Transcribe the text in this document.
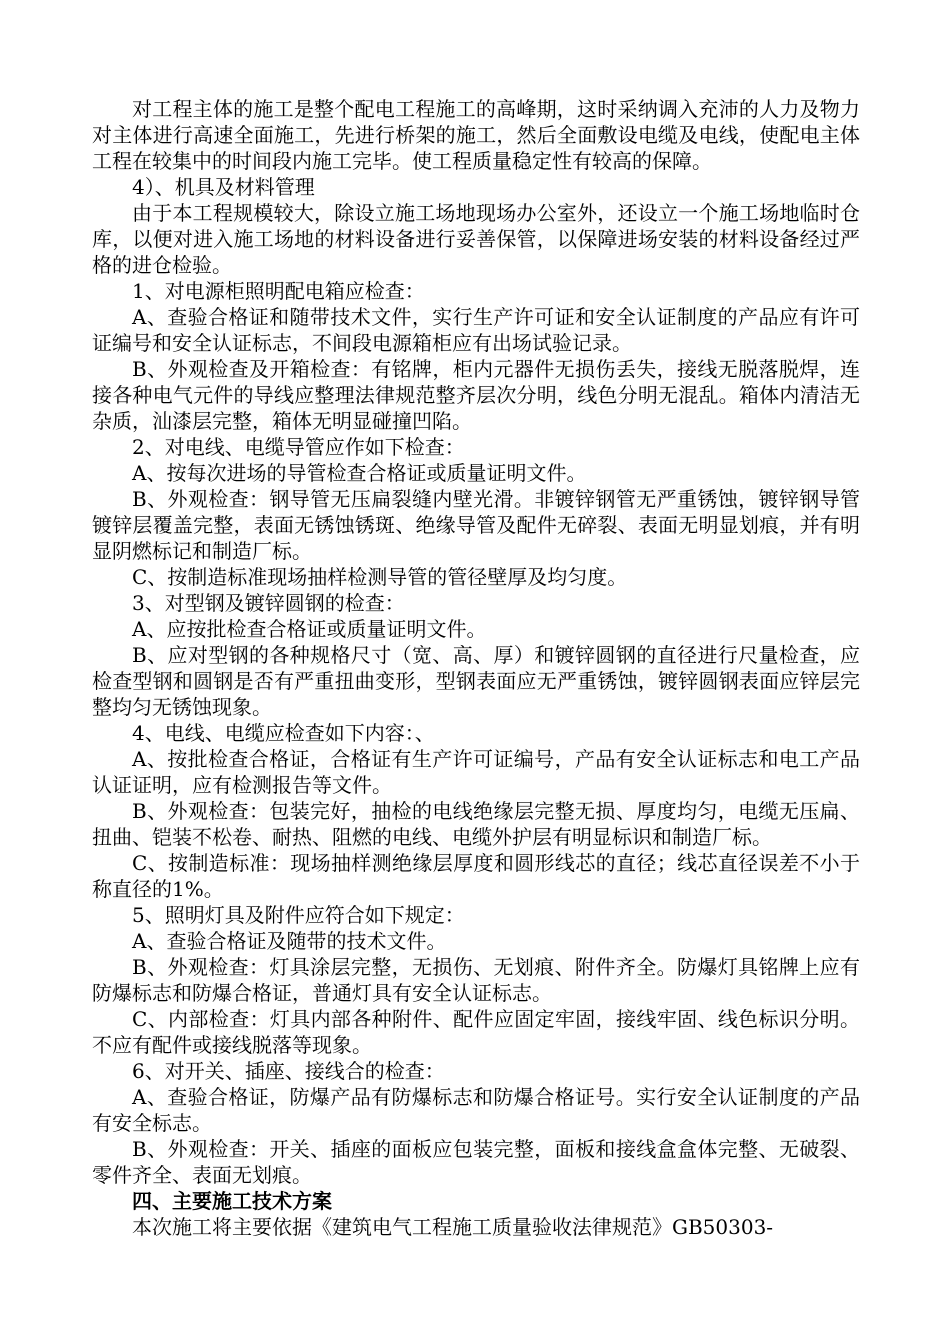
对工程主体的施工是整个配电工程施工的高峰期，这时采纳调入充沛的人力及物力对主体进行高速全面施工，先进行桥架的施工，然后全面敷设电缆及电线，使配电主体工程在较集中的时间段内施工完毕。使工程质量稳定性有较高的保障。

4）、机具及材料管理

由于本工程规模较大，除设立施工场地现场办公室外，还设立一个施工场地临时仓库，以便对进入施工场地的材料设备进行妥善保管，以保障进场安装的材料设备经过严格的进仓检验。

1、对电源柜照明配电箱应检查：

A、查验合格证和随带技术文件，实行生产许可证和安全认证制度的产品应有许可证编号和安全认证标志，不间段电源箱柜应有出场试验记录。

B、外观检查及开箱检查：有铭牌，柜内元器件无损伤丢失，接线无脱落脱焊，连接各种电气元件的导线应整理法律规范整齐层次分明，线色分明无混乱。箱体内清洁无杂质，汕漆层完整，箱体无明显碰撞凹陷。

2、对电线、电缆导管应作如下检查：

A、按每次进场的导管检查合格证或质量证明文件。

B、外观检查：钢导管无压扁裂缝内壁光滑。非镀锌钢管无严重锈蚀，镀锌钢导管镀锌层覆盖完整，表面无锈蚀锈斑、绝缘导管及配件无碎裂、表面无明显划痕，并有明显阴燃标记和制造厂标。

C、按制造标准现场抽样检测导管的管径壁厚及均匀度。

3、对型钢及镀锌圆钢的检查：

A、应按批检查合格证或质量证明文件。

B、应对型钢的各种规格尺寸（宽、高、厚）和镀锌圆钢的直径进行尺量检查，应检查型钢和圆钢是否有严重扭曲变形，型钢表面应无严重锈蚀，镀锌圆钢表面应锌层完整均匀无锈蚀现象。

4、电线、电缆应检查如下内容：、

A、按批检查合格证，合格证有生产许可证编号，产品有安全认证标志和电工产品认证证明，应有检测报告等文件。

B、外观检查：包装完好，抽检的电线绝缘层完整无损、厚度均匀，电缆无压扁、扭曲、铠装不松卷、耐热、阻燃的电线、电缆外护层有明显标识和制造厂标。

C、按制造标准：现场抽样测绝缘层厚度和圆形线芯的直径；线芯直径误差不小于称直径的1%。

5、照明灯具及附件应符合如下规定：

A、查验合格证及随带的技术文件。

B、外观检查：灯具涂层完整，无损伤、无划痕、附件齐全。防爆灯具铭牌上应有防爆标志和防爆合格证，普通灯具有安全认证标志。

C、内部检查：灯具内部各种附件、配件应固定牢固，接线牢固、线色标识分明。不应有配件或接线脱落等现象。

6、对开关、插座、接线合的检查：

A、查验合格证，防爆产品有防爆标志和防爆合格证号。实行安全认证制度的产品有安全标志。

B、外观检查：开关、插座的面板应包装完整，面板和接线盒盒体完整、无破裂、零件齐全、表面无划痕。

四、主要施工技术方案

本次施工将主要依据《建筑电气工程施工质量验收法律规范》GB50303-
